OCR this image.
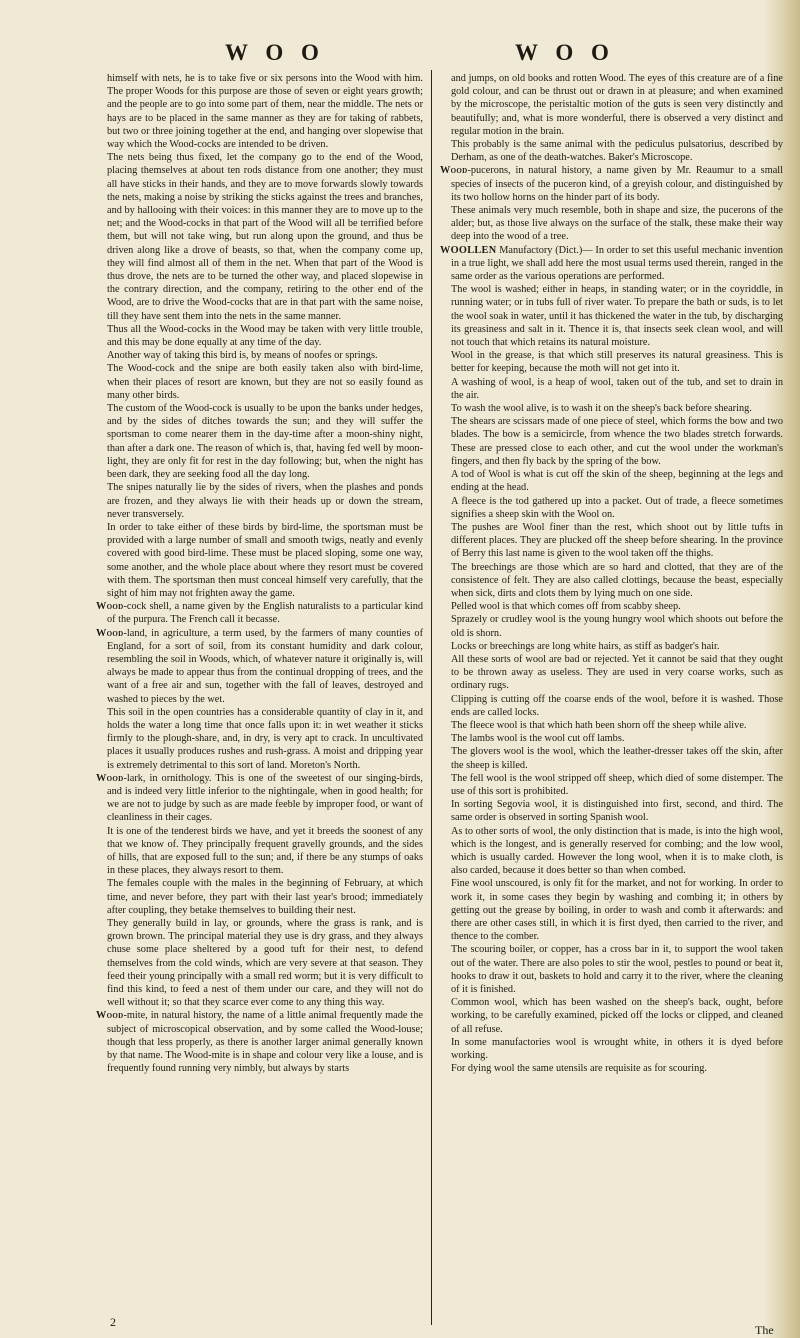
W O O	W O O

himself with nets, he is to take five or six persons into the Wood with him. The proper Woods for this purpose are those of seven or eight years growth; and the people are to go into some part of them, near the middle. The nets or hays are to be placed in the same manner as they are for taking of rabbets, but two or three joining together at the end, and hanging over slopewise that way which the Wood-cocks are intended to be driven.

The nets being thus fixed, let the company go to the end of the Wood, placing themselves at about ten rods distance from one another; they must all have sticks in their hands, and they are to move forwards slowly towards the nets, making a noise by striking the sticks against the trees and branches, and by hallooing with their voices: in this manner they are to move up to the net; and the Wood-cocks in that part of the Wood will all be terrified before them, but will not take wing, but run along upon the ground, and thus be driven along like a drove of beasts, so that, when the company come up, they will find almost all of them in the net. When that part of the Wood is thus drove, the nets are to be turned the other way, and placed slopewise in the contrary direction, and the company, retiring to the other end of the Wood, are to drive the Wood-cocks that are in that part with the same noise, till they have sent them into the nets in the same manner.

Thus all the Wood-cocks in the Wood may be taken with very little trouble, and this may be done equally at any time of the day.

Another way of taking this bird is, by means of noofes or springs.

The Wood-cock and the snipe are both easily taken also with bird-lime, when their places of resort are known, but they are not so easily found as many other birds.

The custom of the Wood-cock is usually to be upon the banks under hedges, and by the sides of ditches towards the sun; and they will suffer the sportsman to come nearer them in the day-time after a moon-shiny night, than after a dark one. The reason of which is, that, having fed well by moon-light, they are only fit for rest in the day following; but, when the night has been dark, they are seeking food all the day long.

The snipes naturally lie by the sides of rivers, when the plashes and ponds are frozen, and they always lie with their heads up or down the stream, never transversely.

In order to take either of these birds by bird-lime, the sportsman must be provided with a large number of small and smooth twigs, neatly and evenly covered with good bird-lime. These must be placed sloping, some one way, some another, and the whole place about where they resort must be covered with them. The sportsman then must conceal himself very carefully, that the sight of him may not frighten away the game.

Wood-cock shell, a name given by the English naturalists to a particular kind of the purpura. The French call it becasse.

Wood-land, in agriculture, a term used, by the farmers of many counties of England, for a sort of soil, from its constant humidity and dark colour, resembling the soil in Woods, which, of whatever nature it originally is, will always be made to appear thus from the continual dropping of trees, and the want of a free air and sun, together with the fall of leaves, destroyed and washed to pieces by the wet.

This soil in the open countries has a considerable quantity of clay in it, and holds the water a long time that once falls upon it: in wet weather it sticks firmly to the plough-share, and, in dry, is very apt to crack. In uncultivated places it usually produces rushes and rush-grass. A moist and dripping year is extremely detrimental to this sort of land. Moreton's North.

Wood-lark, in ornithology. This is one of the sweetest of our singing-birds, and is indeed very little inferior to the nightingale, when in good health; for we are not to judge by such as are made feeble by improper food, or want of cleanliness in their cages.

It is one of the tenderest birds we have, and yet it breeds the soonest of any that we know of. They principally frequent gravelly grounds, and the sides of hills, that are exposed full to the sun; and, if there be any stumps of oaks in these places, they always resort to them.

The females couple with the males in the beginning of February, at which time, and never before, they part with their last year's brood; immediately after coupling, they betake themselves to building their nest.

They generally build in lay, or grounds, where the grass is rank, and is grown brown. The principal material they use is dry grass, and they always chuse some place sheltered by a good tuft for their nest, to defend themselves from the cold winds, which are very severe at that season. They feed their young principally with a small red worm; but it is very difficult to find this kind, to feed a nest of them under our care, and they will not do well without it; so that they scarce ever come to any thing this way.

Wood-mite, in natural history, the name of a little animal frequently made the subject of microscopical observation, and by some called the Wood-louse; though that less properly, as there is another larger animal generally known by that name. The Wood-mite is in shape and colour very like a louse, and is frequently found running very nimbly, but always by starts

and jumps, on old books and rotten Wood. The eyes of this creature are of a fine gold colour, and can be thrust out or drawn in at pleasure; and when examined by the microscope, the peristaltic motion of the guts is seen very distinctly and beautifully; and, what is more wonderful, there is observed a very distinct and regular motion in the brain.

This probably is the same animal with the pediculus pulsatorius, described by Derham, as one of the death-watches. Baker's Microscope.

Wood-pucerons, in natural history, a name given by Mr. Reaumur to a small species of insects of the puceron kind, of a greyish colour, and distinguished by its two hollow horns on the hinder part of its body.

These animals very much resemble, both in shape and size, the pucerons of the alder; but, as those live always on the surface of the stalk, these make their way deep into the wood of a tree.

WOOLLEN Manufactory (Dict.)— In order to set this useful mechanic invention in a true light, we shall add here the most usual terms used therein, ranged in the same order as the various operations are performed.

The wool is washed; either in heaps, in standing water; or in the coyriddle, in running water; or in tubs full of river water. To prepare the bath or suds, is to let the wool soak in water, until it has thickened the water in the tub, by discharging its greasiness and salt in it. Thence it is, that insects seek clean wool, and will not touch that which retains its natural moisture.

Wool in the grease, is that which still preserves its natural greasiness. This is better for keeping, because the moth will not get into it.

A washing of wool, is a heap of wool, taken out of the tub, and set to drain in the air.

To wash the wool alive, is to wash it on the sheep's back before shearing.

The shears are scissars made of one piece of steel, which forms the bow and two blades. The bow is a semicircle, from whence the two blades stretch forwards. These are pressed close to each other, and cut the wool under the workman's fingers, and then fly back by the spring of the bow.

A tod of Wool is what is cut off the skin of the sheep, beginning at the legs and ending at the head.

A fleece is the tod gathered up into a packet. Out of trade, a fleece sometimes signifies a sheep skin with the Wool on.

The pushes are Wool finer than the rest, which shoot out by little tufts in different places. They are plucked off the sheep before shearing. In the province of Berry this last name is given to the wool taken off the thighs.

The breechings are those which are so hard and clotted, that they are of the consistence of felt. They are also called clottings, because the beast, especially when sick, dirts and clots them by lying much on one side.

Pelled wool is that which comes off from scabby sheep.

Sprazely or crudley wool is the young hungry wool which shoots out before the old is shorn.

Locks or breechings are long white hairs, as stiff as badger's hair.

All these sorts of wool are bad or rejected. Yet it cannot be said that they ought to be thrown away as useless. They are used in very coarse works, such as ordinary rugs.

Clipping is cutting off the coarse ends of the wool, before it is washed. Those ends are called locks.

The fleece wool is that which hath been shorn off the sheep while alive.

The lambs wool is the wool cut off lambs.

The glovers wool is the wool, which the leather-dresser takes off the skin, after the sheep is killed.

The fell wool is the wool stripped off sheep, which died of some distemper. The use of this sort is prohibited.

In sorting Segovia wool, it is distinguished into first, second, and third. The same order is observed in sorting Spanish wool.

As to other sorts of wool, the only distinction that is made, is into the high wool, which is the longest, and is generally reserved for combing; and the low wool, which is usually carded. However the long wool, when it is to make cloth, is also carded, because it does better so than when combed.

Fine wool unscoured, is only fit for the market, and not for working. In order to work it, in some cases they begin by washing and combing it; in others by getting out the grease by boiling, in order to wash and comb it afterwards: and there are other cases still, in which it is first dyed, then carried to the river, and thence to the comber.

The scouring boiler, or copper, has a cross bar in it, to support the wool taken out of the water. There are also poles to stir the wool, pestles to pound or beat it, hooks to draw it out, baskets to hold and carry it to the river, where the cleaning of it is finished.

Common wool, which has been washed on the sheep's back, ought, before working, to be carefully examined, picked off the locks or clipped, and cleaned of all refuse.

In some manufactories wool is wrought white, in others it is dyed before working.

For dying wool the same utensils are requisite as for scouring.

2
The
